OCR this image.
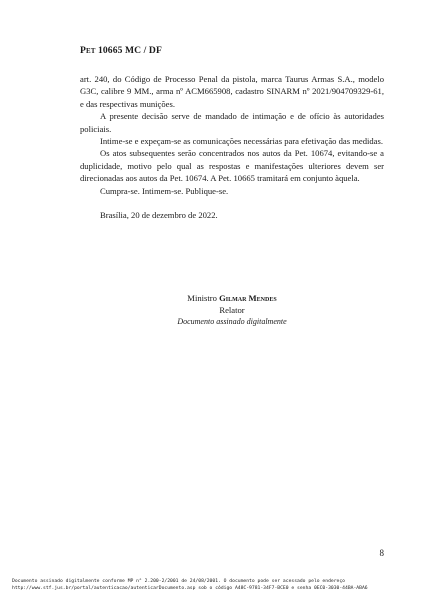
Pet 10665 MC / DF

art. 240, do Código de Processo Penal da pistola, marca Taurus Armas S.A., modelo G3C, calibre 9 MM., arma nº ACM665908, cadastro SINARM nº 2021/904709329-61, e das respectivas munições.

A presente decisão serve de mandado de intimação e de ofício às autoridades policiais.

Intime-se e expeçam-se as comunicações necessárias para efetivação das medidas.

Os atos subsequentes serão concentrados nos autos da Pet. 10674, evitando-se a duplicidade, motivo pelo qual as respostas e manifestações ulteriores devem ser direcionadas aos autos da Pet. 10674. A Pet. 10665 tramitará em conjunto àquela.

Cumpra-se. Intimem-se. Publique-se.

Brasília, 20 de dezembro de 2022.

Ministro Gilmar Mendes
Relator
Documento assinado digitalmente
8
Documento assinado digitalmente conforme MP n° 2.200-2/2001 de 24/08/2001. O documento pode ser acessado pelo endereço
http://www.stf.jus.br/portal/autenticacao/autenticarDocumento.asp sob o código A48C-9781-34F7-BCE0 e senha 0EC0-3030-44BA-ABA6
